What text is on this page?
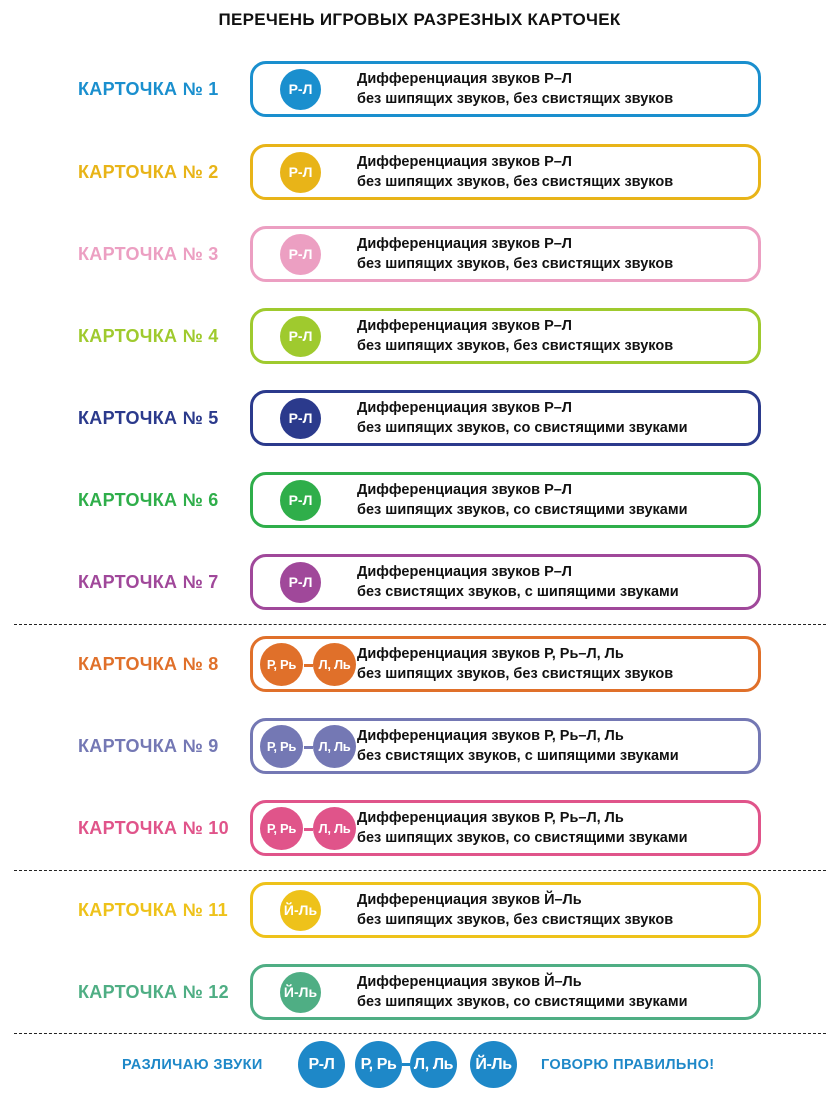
ПЕРЕЧЕНЬ ИГРОВЫХ РАЗРЕЗНЫХ КАРТОЧЕК
КАРТОЧКА № 1	Р-Л
Дифференциация звуков Р–Л
без шипящих звуков, без свистящих звуков
КАРТОЧКА № 2	Р-Л
Дифференциация звуков Р–Л
без шипящих звуков, без свистящих звуков
КАРТОЧКА № 3	Р-Л
Дифференциация звуков Р–Л
без шипящих звуков, без свистящих звуков
КАРТОЧКА № 4	Р-Л
Дифференциация звуков Р–Л
без шипящих звуков, без свистящих звуков
КАРТОЧКА № 5	Р-Л
Дифференциация звуков Р–Л
без шипящих звуков, со свистящими звуками
КАРТОЧКА № 6	Р-Л
Дифференциация звуков Р–Л
без шипящих звуков, со свистящими звуками
КАРТОЧКА № 7	Р-Л
Дифференциация звуков Р–Л
без свистящих звуков, с шипящими звуками
КАРТОЧКА № 8	Р, Рь	Л, Ль
Дифференциация звуков Р, Рь–Л, Ль
без шипящих звуков, без свистящих звуков
КАРТОЧКА № 9	Р, Рь	Л, Ль
Дифференциация звуков Р, Рь–Л, Ль
без свистящих звуков, с шипящими звуками
КАРТОЧКА № 10	Р, Рь	Л, Ль
Дифференциация звуков Р, Рь–Л, Ль
без шипящих звуков, со свистящими звуками
КАРТОЧКА № 11	Й-Ль
Дифференциация звуков Й–Ль
без шипящих звуков, без свистящих звуков
КАРТОЧКА № 12	Й-Ль
Дифференциация звуков Й–Ль
без шипящих звуков, со свистящими звуками
РАЗЛИЧАЮ ЗВУКИ	Р-Л	Р, Рь	Л, Ль	Й-Ль	ГОВОРЮ ПРАВИЛЬНО!
